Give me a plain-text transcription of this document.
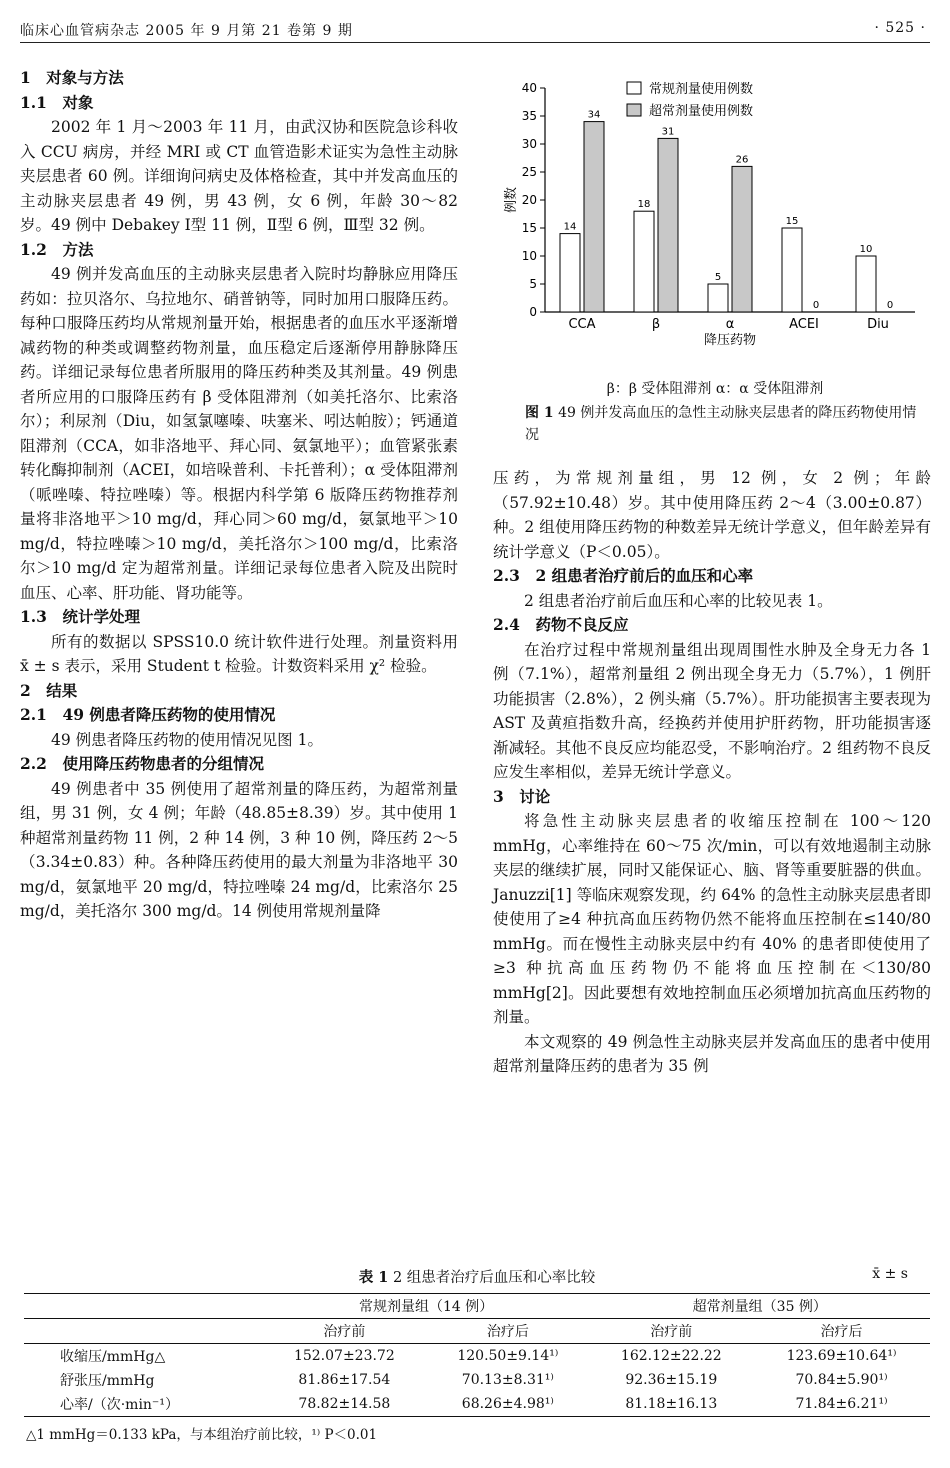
临床心血管病杂志 2005 年 9 月第 21 卷第 9 期	· 525 ·
1　对象与方法
1.1　对象

2002 年 1 月～2003 年 11 月，由武汉协和医院急诊科收入 CCU 病房，并经 MRI 或 CT 血管造影术证实为急性主动脉夹层患者 60 例。详细询问病史及体格检查，其中并发高血压的主动脉夹层患者 49 例，男 43 例，女 6 例，年龄 30～82 岁。49 例中 Debakey Ⅰ型 11 例，Ⅱ型 6 例，Ⅲ型 32 例。

1.2　方法

49 例并发高血压的主动脉夹层患者入院时均静脉应用降压药如：拉贝洛尔、乌拉地尔、硝普钠等，同时加用口服降压药。每种口服降压药均从常规剂量开始，根据患者的血压水平逐渐增减药物的种类或调整药物剂量，血压稳定后逐渐停用静脉降压药。详细记录每位患者所服用的降压药种类及其剂量。49 例患者所应用的口服降压药有 β 受体阻滞剂（如美托洛尔、比索洛尔）；利尿剂（Diu，如氢氯噻嗪、呋塞米、吲达帕胺）；钙通道阻滞剂（CCA，如非洛地平、拜心同、氨氯地平）；血管紧张素转化酶抑制剂（ACEI，如培哚普利、卡托普利）；α 受体阻滞剂（哌唑嗪、特拉唑嗪）等。根据内科学第 6 版降压药物推荐剂量将非洛地平＞10 mg/d，拜心同＞60 mg/d，氨氯地平＞10 mg/d，特拉唑嗪＞10 mg/d，美托洛尔＞100 mg/d，比索洛尔＞10 mg/d 定为超常剂量。详细记录每位患者入院及出院时血压、心率、肝功能、肾功能等。

1.3　统计学处理

所有的数据以 SPSS10.0 统计软件进行处理。剂量资料用 x̄ ± s 表示，采用 Student t 检验。计数资料采用 χ² 检验。

2　结果
2.1　49 例患者降压药物的使用情况

49 例患者降压药物的使用情况见图 1。

2.2　使用降压药物患者的分组情况

49 例患者中 35 例使用了超常剂量的降压药，为超常剂量组，男 31 例，女 4 例；年龄（48.85±8.39）岁。其中使用 1 种超常剂量药物 11 例，2 种 14 例，3 种 10 例，降压药 2～5（3.34±0.83）种。各种降压药使用的最大剂量为非洛地平 30 mg/d，氨氯地平 20 mg/d，特拉唑嗪 24 mg/d，比索洛尔 25 mg/d，美托洛尔 300 mg/d。14 例使用常规剂量降

0
5
10
15
20
25
30
35
40
例数
14
34
CCA
18
31
β
5
26
α
15
0
ACEI
10
0
Diu
降压药物
常规剂量使用例数
超常剂量使用例数
β：β 受体阻滞剂 α：α 受体阻滞剂
图 1 49 例并发高血压的急性主动脉夹层患者的降压药物使用情况

压药，为常规剂量组，男 12 例，女 2 例；年龄（57.92±10.48）岁。其中使用降压药 2～4（3.00±0.87）种。2 组使用降压药物的种数差异无统计学意义，但年龄差异有统计学意义（P＜0.05）。

2.3　2 组患者治疗前后的血压和心率

2 组患者治疗前后血压和心率的比较见表 1。

2.4　药物不良反应

在治疗过程中常规剂量组出现周围性水肿及全身无力各 1 例（7.1%），超常剂量组 2 例出现全身无力（5.7%），1 例肝功能损害（2.8%），2 例头痛（5.7%）。肝功能损害主要表现为 AST 及黄疸指数升高，经换药并使用护肝药物，肝功能损害逐渐减轻。其他不良反应均能忍受，不影响治疗。2 组药物不良反应发生率相似，差异无统计学意义。

3　讨论

将急性主动脉夹层患者的收缩压控制在 100～120 mmHg，心率维持在 60～75 次/min，可以有效地遏制主动脉夹层的继续扩展，同时又能保证心、脑、肾等重要脏器的供血。Januzzi[1] 等临床观察发现，约 64% 的急性主动脉夹层患者即使使用了≥4 种抗高血压药物仍然不能将血压控制在≤140/80 mmHg。而在慢性主动脉夹层中约有 40% 的患者即使使用了≥3 种抗高血压药物仍不能将血压控制在＜130/80 mmHg[2]。因此要想有效地控制血压必须增加抗高血压药物的剂量。

本文观察的 49 例急性主动脉夹层并发高血压的患者中使用超常剂量降压药的患者为 35 例

表 1 2 组患者治疗后血压和心率比较	x̄ ± s
	常规剂量组（14 例）		超常剂量组（35 例）	
	治疗前	治疗后	治疗前	治疗后
收缩压/mmHg△	152.07±23.72	120.50±9.14¹⁾	162.12±22.22	123.69±10.64¹⁾
舒张压/mmHg	81.86±17.54	70.13±8.31¹⁾	92.36±15.19	70.84±5.90¹⁾
心率/（次·min⁻¹）	78.82±14.58	68.26±4.98¹⁾	81.18±16.13	71.84±6.21¹⁾
△1 mmHg＝0.133 kPa，与本组治疗前比较，¹⁾ P＜0.01
